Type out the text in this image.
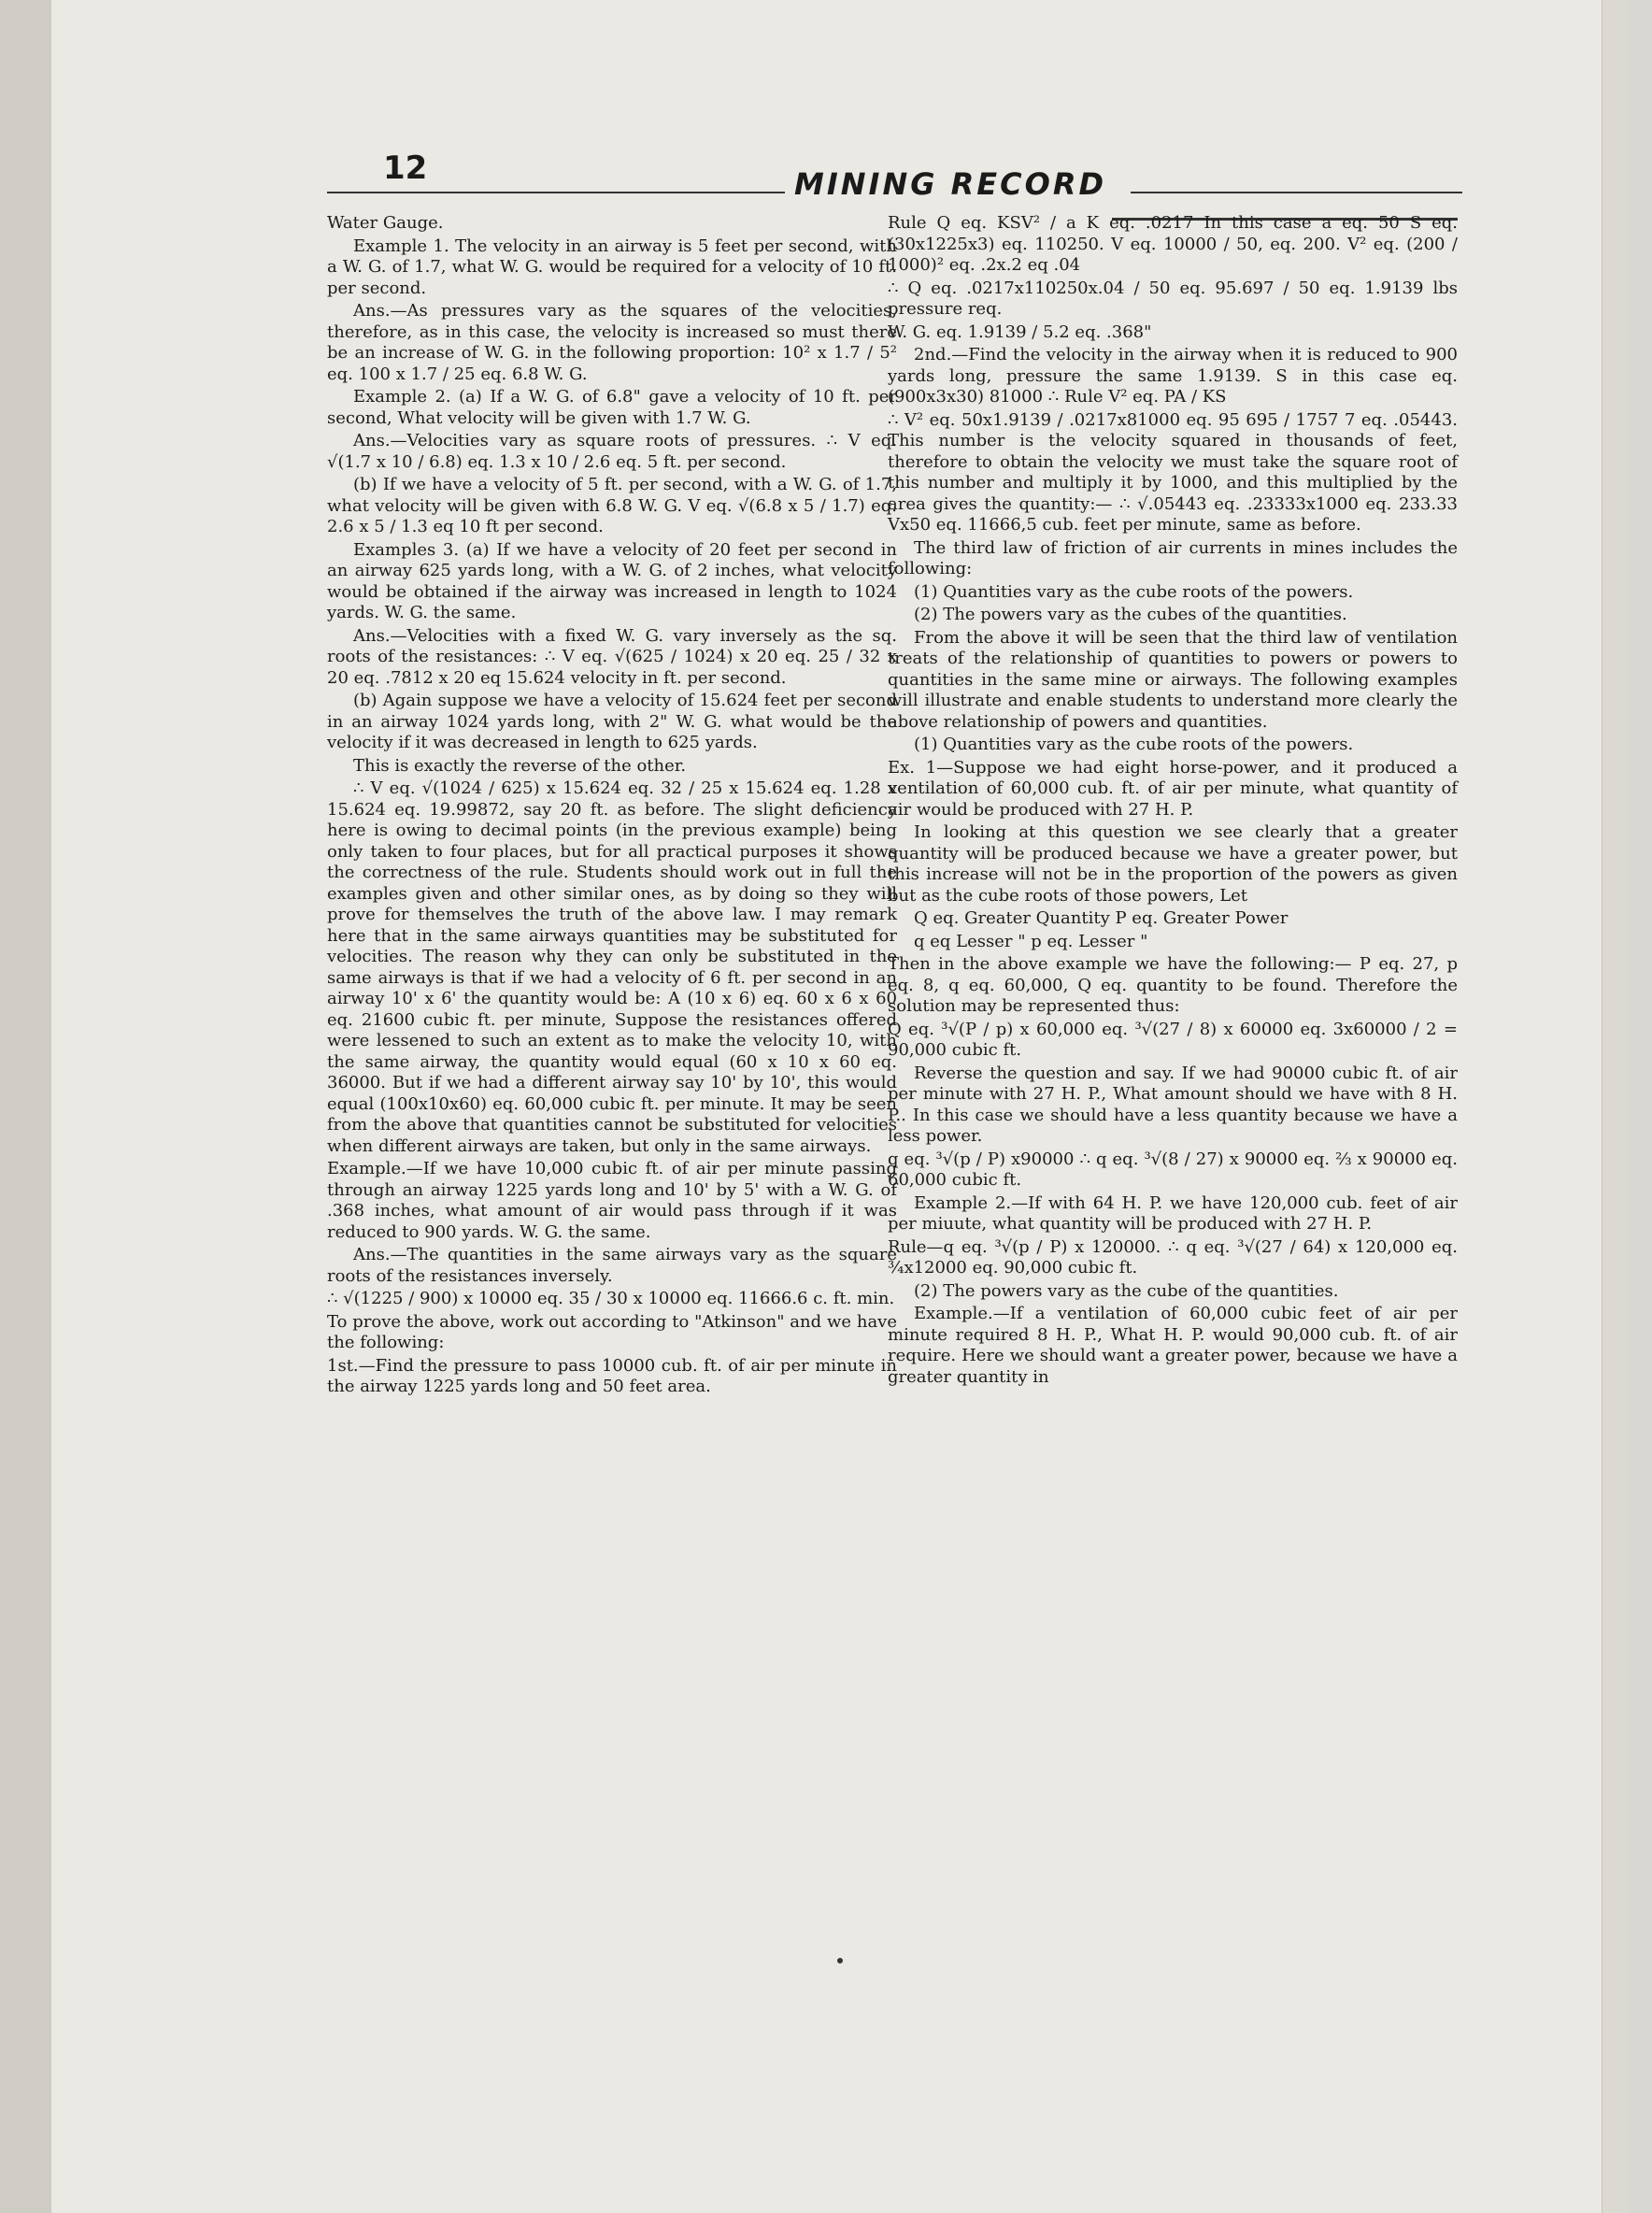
12	MINING RECORD

Water Gauge.

Example 1. The velocity in an airway is 5 feet per second, with a W. G. of 1.7, what W. G. would be required for a velocity of 10 ft. per second.

Ans.—As pressures vary as the squares of the velocities, therefore, as in this case, the velocity is increased so must there be an increase of W. G. in the following proportion: 10² x 1.7 / 5² eq. 100 x 1.7 / 25 eq. 6.8 W. G.

Example 2. (a) If a W. G. of 6.8" gave a velocity of 10 ft. per second, What velocity will be given with 1.7 W. G.

Ans.—Velocities vary as square roots of pressures. ∴ V eq. √(1.7 x 10 / 6.8) eq. 1.3 x 10 / 2.6 eq. 5 ft. per second.

(b) If we have a velocity of 5 ft. per second, with a W. G. of 1.7, what velocity will be given with 6.8 W. G. V eq. √(6.8 x 5 / 1.7) eq. 2.6 x 5 / 1.3 eq 10 ft per second.

Examples 3. (a) If we have a velocity of 20 feet per second in an airway 625 yards long, with a W. G. of 2 inches, what velocity would be obtained if the airway was increased in length to 1024 yards. W. G. the same.

Ans.—Velocities with a fixed W. G. vary inversely as the sq. roots of the resistances: ∴ V eq. √(625 / 1024) x 20 eq. 25 / 32 x 20 eq. .7812 x 20 eq 15.624 velocity in ft. per second.

(b) Again suppose we have a velocity of 15.624 feet per second in an airway 1024 yards long, with 2" W. G. what would be the velocity if it was decreased in length to 625 yards.

This is exactly the reverse of the other.

∴ V eq. √(1024 / 625) x 15.624 eq. 32 / 25 x 15.624 eq. 1.28 x 15.624 eq. 19.99872, say 20 ft. as before. The slight deficiency here is owing to decimal points (in the previous example) being only taken to four places, but for all practical purposes it shows the correctness of the rule. Students should work out in full the examples given and other similar ones, as by doing so they will prove for themselves the truth of the above law. I may remark here that in the same airways quantities may be substituted for velocities. The reason why they can only be substituted in the same airways is that if we had a velocity of 6 ft. per second in an airway 10' x 6' the quantity would be: A (10 x 6) eq. 60 x 6 x 60 eq. 21600 cubic ft. per minute, Suppose the resistances offered were lessened to such an extent as to make the velocity 10, with the same airway, the quantity would equal (60 x 10 x 60 eq. 36000. But if we had a different airway say 10' by 10', this would equal (100x10x60) eq. 60,000 cubic ft. per minute. It may be seen from the above that quantities cannot be substituted for velocities when different airways are taken, but only in the same airways.

Example.—If we have 10,000 cubic ft. of air per minute passing through an airway 1225 yards long and 10' by 5' with a W. G. of .368 inches, what amount of air would pass through if it was reduced to 900 yards. W. G. the same.

Ans.—The quantities in the same airways vary as the square roots of the resistances inversely.

∴ √(1225 / 900) x 10000 eq. 35 / 30 x 10000 eq. 11666.6 c. ft. min.

To prove the above, work out according to "Atkinson" and we have the following:

1st.—Find the pressure to pass 10000 cub. ft. of air per minute in the airway 1225 yards long and 50 feet area.

Rule Q eq. KSV² / a K eq. .0217 In this case a eq. 50 S eq. (30x1225x3) eq. 110250. V eq. 10000 / 50, eq. 200. V² eq. (200 / 1000)² eq. .2x.2 eq .04

∴ Q eq. .0217x110250x.04 / 50 eq. 95.697 / 50 eq. 1.9139 lbs pressure req.

W. G. eq. 1.9139 / 5.2 eq. .368"

2nd.—Find the velocity in the airway when it is reduced to 900 yards long, pressure the same 1.9139. S in this case eq. (900x3x30) 81000 ∴ Rule V² eq. PA / KS

∴ V² eq. 50x1.9139 / .0217x81000 eq. 95 695 / 1757 7 eq. .05443. This number is the velocity squared in thousands of feet, therefore to obtain the velocity we must take the square root of this number and multiply it by 1000, and this multiplied by the area gives the quantity:— ∴ √.05443 eq. .23333x1000 eq. 233.33 Vx50 eq. 11666,5 cub. feet per minute, same as before.

The third law of friction of air currents in mines includes the following:

(1) Quantities vary as the cube roots of the powers.

(2) The powers vary as the cubes of the quantities.

From the above it will be seen that the third law of ventilation treats of the relationship of quantities to powers or powers to quantities in the same mine or airways. The following examples will illustrate and enable students to understand more clearly the above relationship of powers and quantities.

(1) Quantities vary as the cube roots of the powers.

Ex. 1—Suppose we had eight horse-power, and it produced a ventilation of 60,000 cub. ft. of air per minute, what quantity of air would be produced with 27 H. P.

In looking at this question we see clearly that a greater quantity will be produced because we have a greater power, but this increase will not be in the proportion of the powers as given but as the cube roots of those powers, Let

Q eq. Greater Quantity P eq. Greater Power

q eq Lesser " p eq. Lesser "

Then in the above example we have the following:— P eq. 27, p eq. 8, q eq. 60,000, Q eq. quantity to be found. Therefore the solution may be represented thus:

Q eq. ³√(P / p) x 60,000 eq. ³√(27 / 8) x 60000 eq. 3x60000 / 2 = 90,000 cubic ft.

Reverse the question and say. If we had 90000 cubic ft. of air per minute with 27 H. P., What amount should we have with 8 H. P.. In this case we should have a less quantity because we have a less power.

q eq. ³√(p / P) x90000 ∴ q eq. ³√(8 / 27) x 90000 eq. ⅔ x 90000 eq. 60,000 cubic ft.

Example 2.—If with 64 H. P. we have 120,000 cub. feet of air per miuute, what quantity will be produced with 27 H. P.

Rule—q eq. ³√(p / P) x 120000. ∴ q eq. ³√(27 / 64) x 120,000 eq. ¾x12000 eq. 90,000 cubic ft.

(2) The powers vary as the cube of the quantities.

Example.—If a ventilation of 60,000 cubic feet of air per minute required 8 H. P., What H. P. would 90,000 cub. ft. of air require. Here we should want a greater power, because we have a greater quantity in
